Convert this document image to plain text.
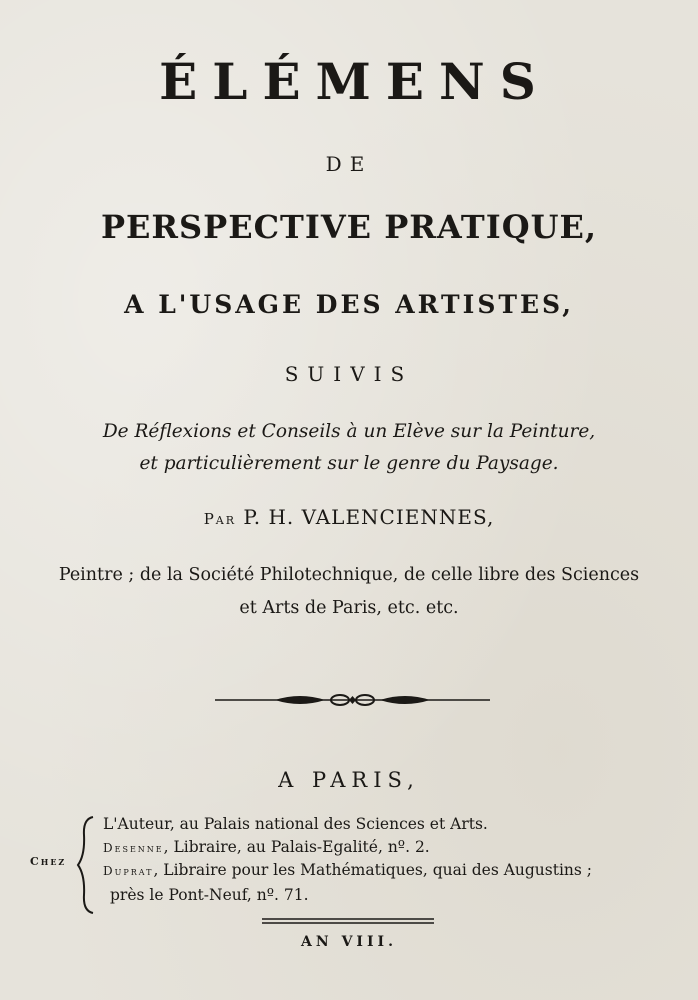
ÉLÉMENS
DE
PERSPECTIVE PRATIQUE,
A L'USAGE DES ARTISTES,
SUIVIS
De Réflexions et Conseils à un Elève sur la Peinture,
et particulièrement sur le genre du Paysage.
Par P. H. VALENCIENNES,
Peintre ; de la Société Philotechnique, de celle libre des Sciences
et Arts de Paris, etc. etc.
A PARIS,
Chez
L'Auteur, au Palais national des Sciences et Arts.
Desenne, Libraire, au Palais-Egalité, nº. 2.
Duprat, Libraire pour les Mathématiques, quai des Augustins ;
près le Pont-Neuf, nº. 71.
AN VIII.
